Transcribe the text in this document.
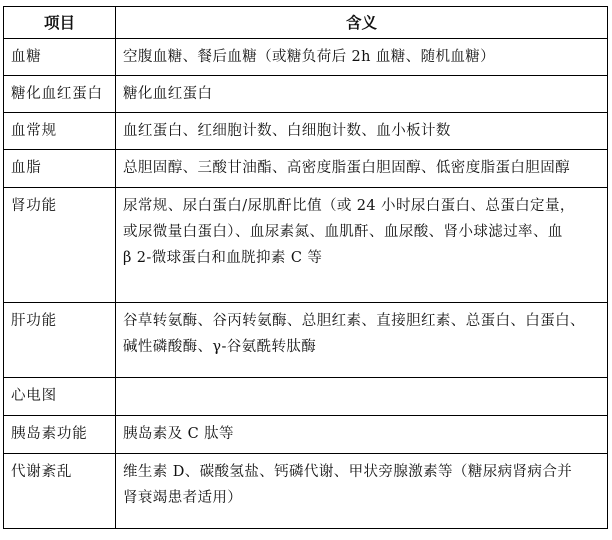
项目	含义
血糖	空腹血糖、餐后血糖（或糖负荷后 2h 血糖、随机血糖）

糖化血红蛋白	糖化血红蛋白

血常规	血红蛋白、红细胞计数、白细胞计数、血小板计数

血脂	总胆固醇、三酸甘油酯、高密度脂蛋白胆固醇、低密度脂蛋白胆固醇

肾功能	尿常规、尿白蛋白/尿肌酐比值（或 24 小时尿白蛋白、总蛋白定量，
或尿微量白蛋白）、血尿素氮、血肌酐、血尿酸、肾小球滤过率、血
β 2-微球蛋白和血胱抑素 C 等

肝功能	谷草转氨酶、谷丙转氨酶、总胆红素、直接胆红素、总蛋白、白蛋白、
碱性磷酸酶、γ-谷氨酰转肽酶

心电图	
胰岛素功能	胰岛素及 C 肽等

代谢紊乱	维生素 D、碳酸氢盐、钙磷代谢、甲状旁腺激素等（糖尿病肾病合并
肾衰竭患者适用）
